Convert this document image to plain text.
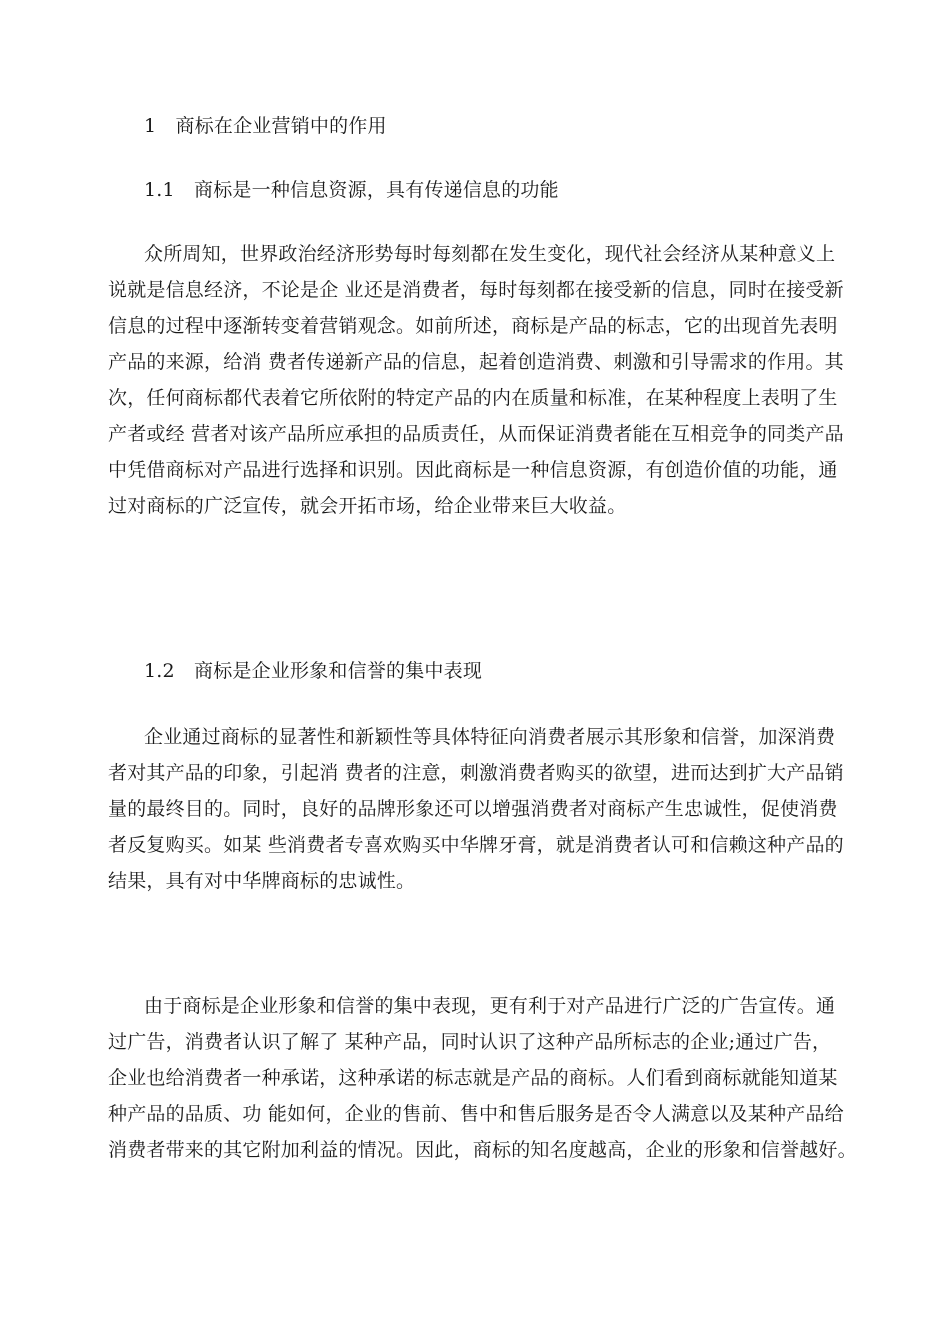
1　商标在企业营销中的作用
1.1　商标是一种信息资源，具有传递信息的功能
众所周知，世界政治经济形势每时每刻都在发生变化，现代社会经济从某种意义上
说就是信息经济，不论是企 业还是消费者，每时每刻都在接受新的信息，同时在接受新
信息的过程中逐渐转变着营销观念。如前所述，商标是产品的标志，它的出现首先表明
产品的来源，给消 费者传递新产品的信息，起着创造消费、刺激和引导需求的作用。其
次，任何商标都代表着它所依附的特定产品的内在质量和标准，在某种程度上表明了生
产者或经 营者对该产品所应承担的品质责任，从而保证消费者能在互相竞争的同类产品
中凭借商标对产品进行选择和识别。因此商标是一种信息资源，有创造价值的功能，通
过对商标的广泛宣传，就会开拓市场，给企业带来巨大收益。
1.2　商标是企业形象和信誉的集中表现
企业通过商标的显著性和新颖性等具体特征向消费者展示其形象和信誉，加深消费
者对其产品的印象，引起消 费者的注意，刺激消费者购买的欲望，进而达到扩大产品销
量的最终目的。同时，良好的品牌形象还可以增强消费者对商标产生忠诚性，促使消费
者反复购买。如某 些消费者专喜欢购买中华牌牙膏，就是消费者认可和信赖这种产品的
结果，具有对中华牌商标的忠诚性。
由于商标是企业形象和信誉的集中表现，更有利于对产品进行广泛的广告宣传。通
过广告，消费者认识了解了 某种产品，同时认识了这种产品所标志的企业;通过广告，
企业也给消费者一种承诺，这种承诺的标志就是产品的商标。人们看到商标就能知道某
种产品的品质、功 能如何，企业的售前、售中和售后服务是否令人满意以及某种产品给
消费者带来的其它附加利益的情况。因此，商标的知名度越高，企业的形象和信誉越好。
